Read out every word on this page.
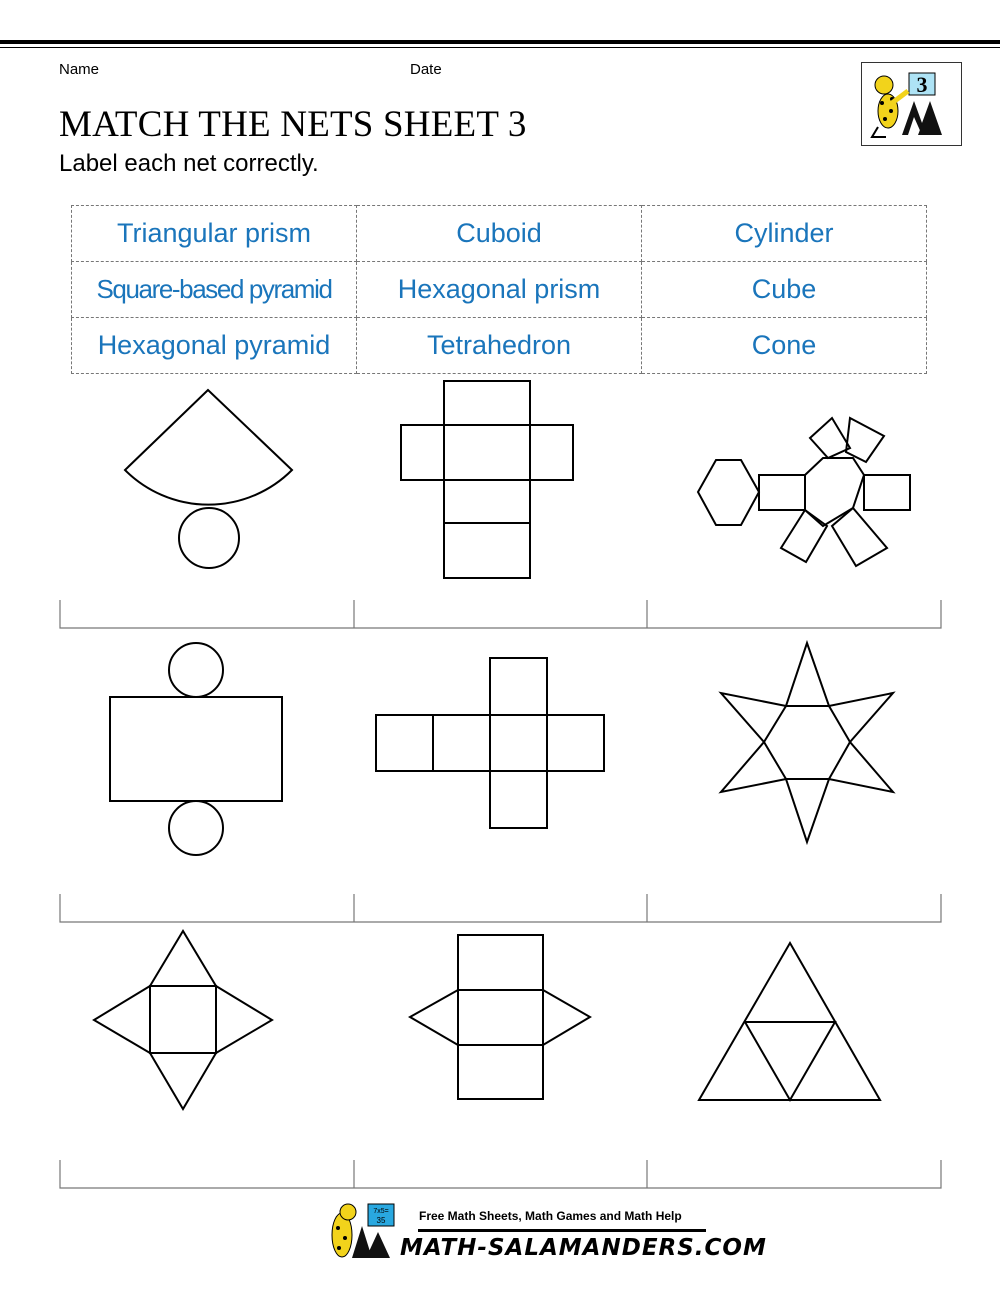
Name	Date
MATCH THE NETS SHEET 3
Label each net correctly.
3
Triangular prism	Cuboid	Cylinder
Square-based pyramid	Hexagonal prism	Cube
Hexagonal pyramid	Tetrahedron	Cone
7x5=
35	Free Math Sheets, Math Games and Math Help
MATH-SALAMANDERS.COM
